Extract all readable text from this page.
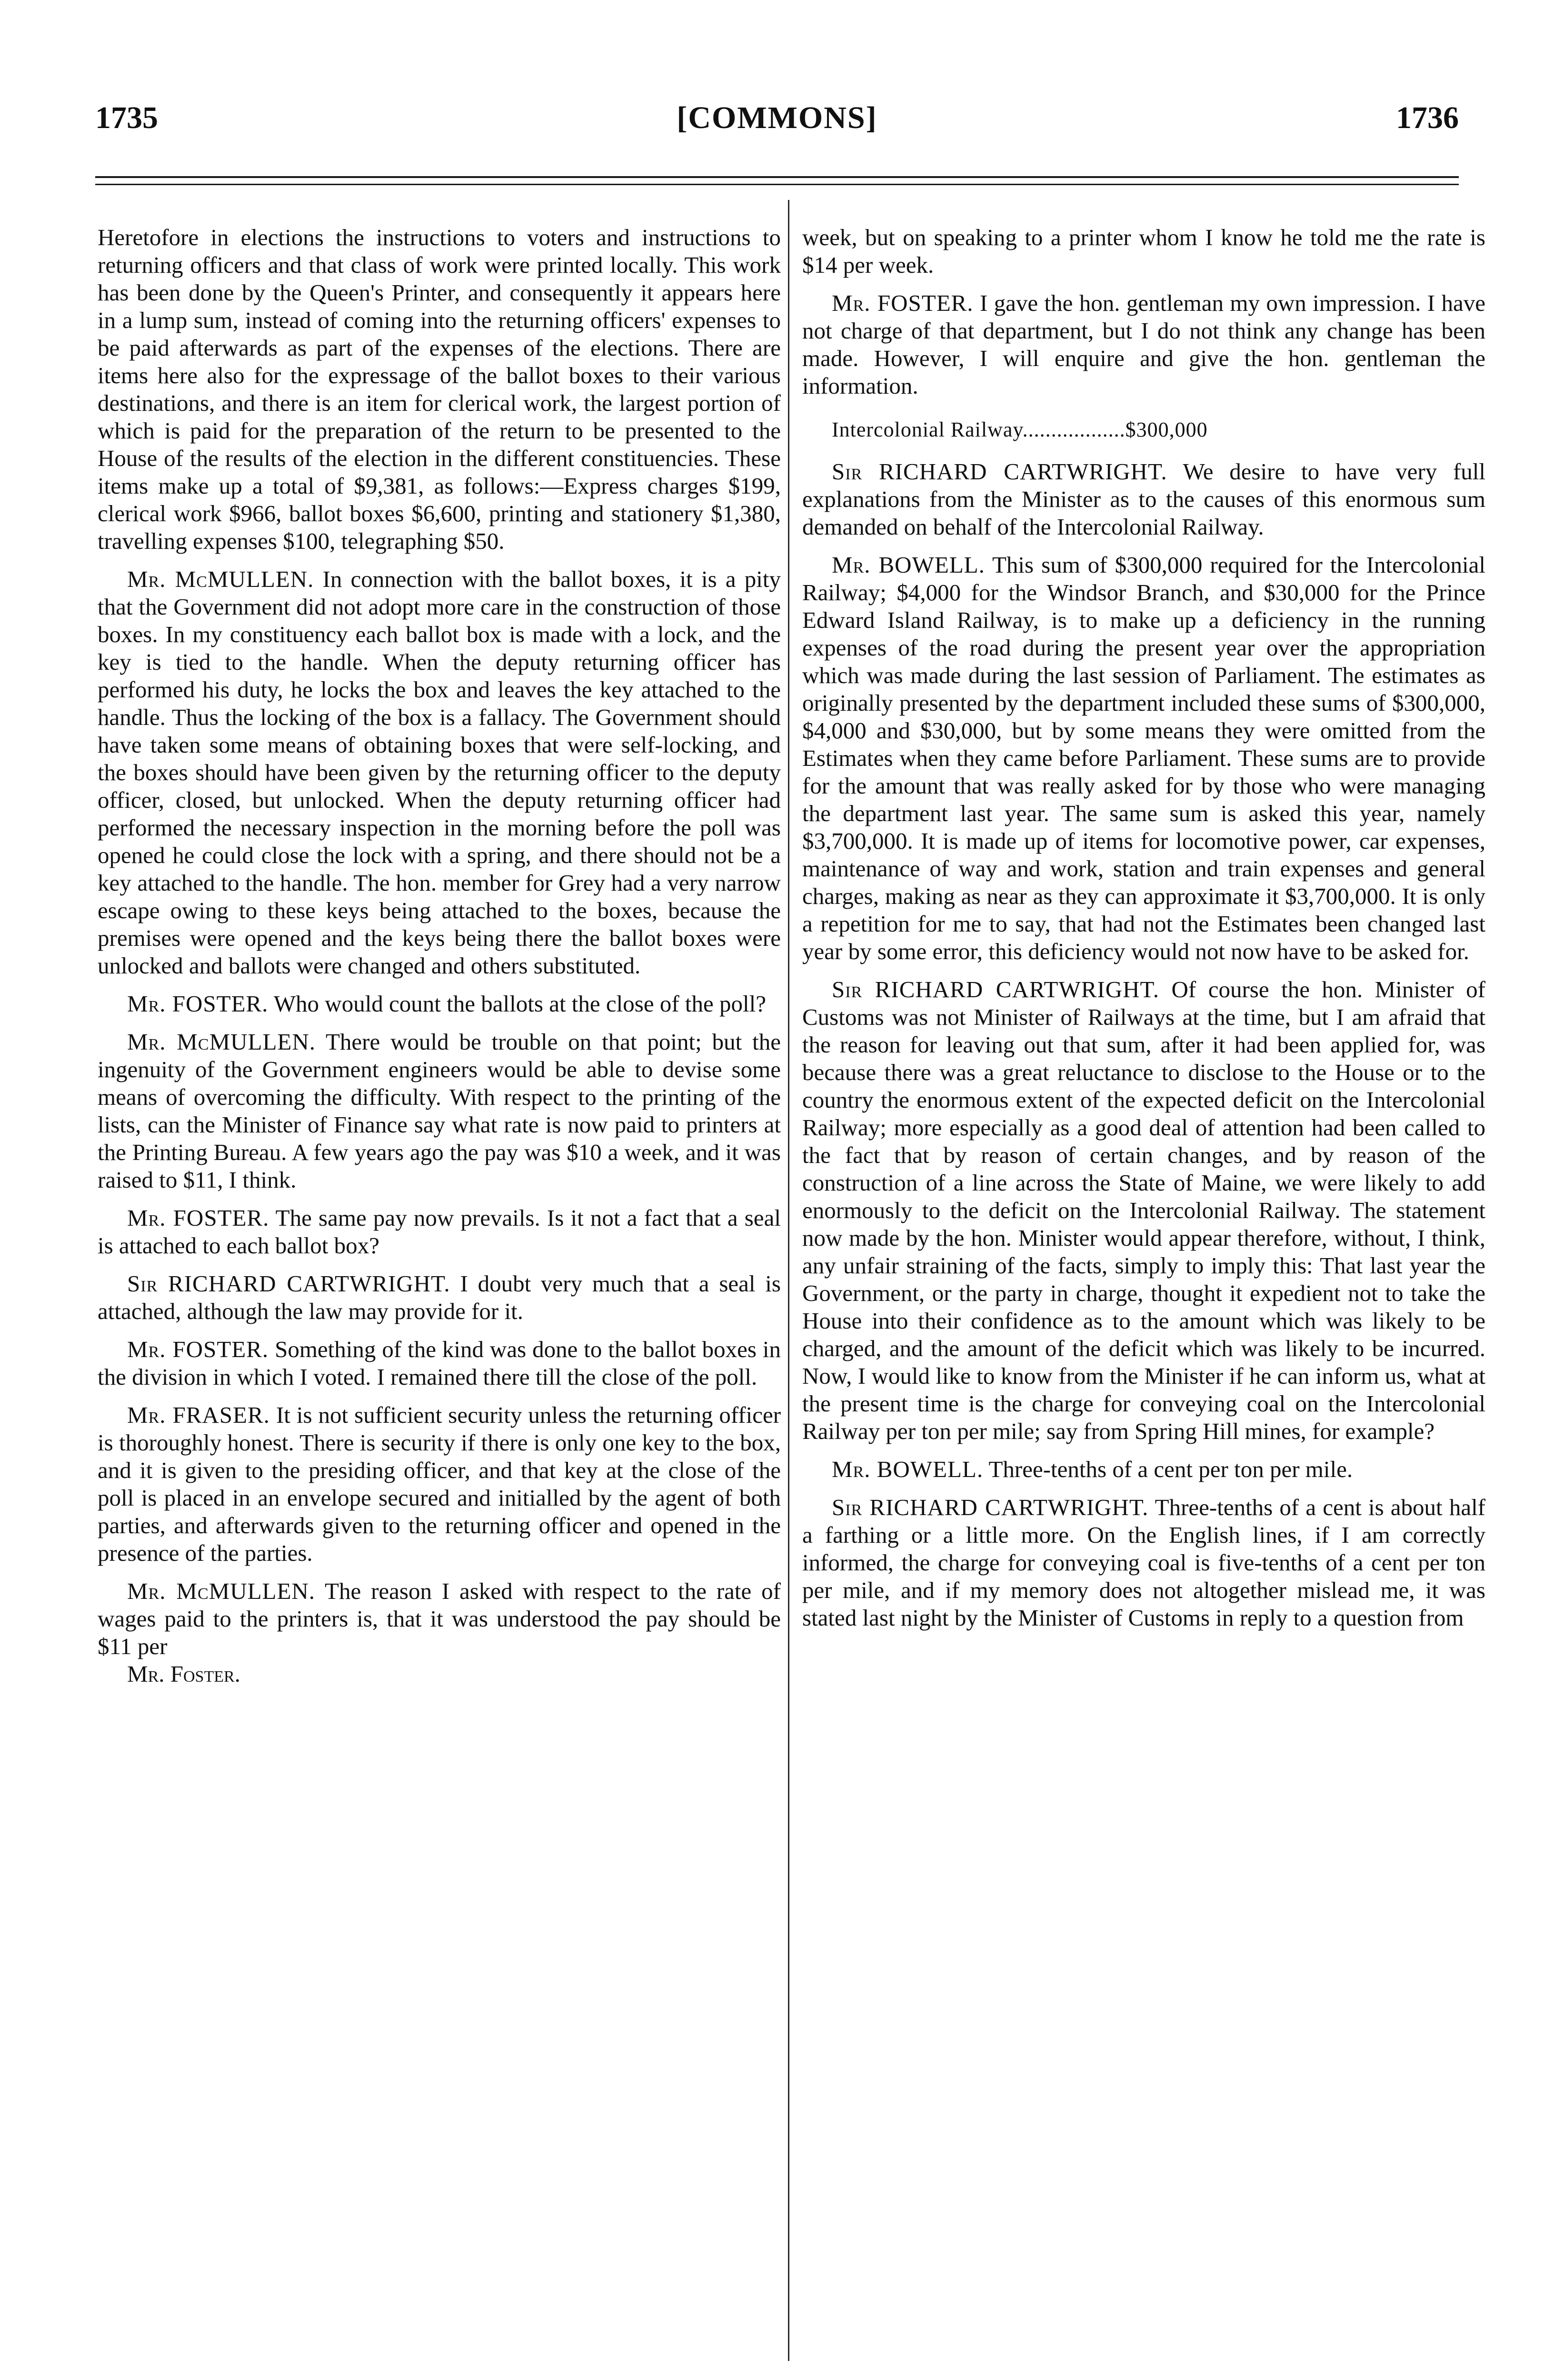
1735	[COMMONS]	1736

Heretofore in elections the instructions to voters and instructions to returning officers and that class of work were printed locally. This work has been done by the Queen's Printer, and consequently it appears here in a lump sum, instead of coming into the returning officers' expenses to be paid afterwards as part of the expenses of the elections. There are items here also for the expressage of the ballot boxes to their various destinations, and there is an item for clerical work, the largest portion of which is paid for the preparation of the return to be presented to the House of the results of the election in the different constituencies. These items make up a total of $9,381, as follows:—Express charges $199, clerical work $966, ballot boxes $6,600, printing and stationery $1,380, travelling expenses $100, telegraphing $50.

Mr. McMULLEN. In connection with the ballot boxes, it is a pity that the Government did not adopt more care in the construction of those boxes. In my constituency each ballot box is made with a lock, and the key is tied to the handle. When the deputy returning officer has performed his duty, he locks the box and leaves the key attached to the handle. Thus the locking of the box is a fallacy. The Government should have taken some means of obtaining boxes that were self-locking, and the boxes should have been given by the returning officer to the deputy officer, closed, but unlocked. When the deputy returning officer had performed the necessary inspection in the morning before the poll was opened he could close the lock with a spring, and there should not be a key attached to the handle. The hon. member for Grey had a very narrow escape owing to these keys being attached to the boxes, because the premises were opened and the keys being there the ballot boxes were unlocked and ballots were changed and others substituted.

Mr. FOSTER. Who would count the ballots at the close of the poll?

Mr. McMULLEN. There would be trouble on that point; but the ingenuity of the Government engineers would be able to devise some means of overcoming the difficulty. With respect to the printing of the lists, can the Minister of Finance say what rate is now paid to printers at the Printing Bureau. A few years ago the pay was $10 a week, and it was raised to $11, I think.

Mr. FOSTER. The same pay now prevails. Is it not a fact that a seal is attached to each ballot box?

Sir RICHARD CARTWRIGHT. I doubt very much that a seal is attached, although the law may provide for it.

Mr. FOSTER. Something of the kind was done to the ballot boxes in the division in which I voted. I remained there till the close of the poll.

Mr. FRASER. It is not sufficient security unless the returning officer is thoroughly honest. There is security if there is only one key to the box, and it is given to the presiding officer, and that key at the close of the poll is placed in an envelope secured and initialled by the agent of both parties, and afterwards given to the returning officer and opened in the presence of the parties.

Mr. McMULLEN. The reason I asked with respect to the rate of wages paid to the printers is, that it was understood the pay should be $11 per

Mr. Foster.

week, but on speaking to a printer whom I know he told me the rate is $14 per week.

Mr. FOSTER. I gave the hon. gentleman my own impression. I have not charge of that department, but I do not think any change has been made. However, I will enquire and give the hon. gentleman the information.

Intercolonial Railway..................$300,000

Sir RICHARD CARTWRIGHT. We desire to have very full explanations from the Minister as to the causes of this enormous sum demanded on behalf of the Intercolonial Railway.

Mr. BOWELL. This sum of $300,000 required for the Intercolonial Railway; $4,000 for the Windsor Branch, and $30,000 for the Prince Edward Island Railway, is to make up a deficiency in the running expenses of the road during the present year over the appropriation which was made during the last session of Parliament. The estimates as originally presented by the department included these sums of $300,000, $4,000 and $30,000, but by some means they were omitted from the Estimates when they came before Parliament. These sums are to provide for the amount that was really asked for by those who were managing the department last year. The same sum is asked this year, namely $3,700,000. It is made up of items for locomotive power, car expenses, maintenance of way and work, station and train expenses and general charges, making as near as they can approximate it $3,700,000. It is only a repetition for me to say, that had not the Estimates been changed last year by some error, this deficiency would not now have to be asked for.

Sir RICHARD CARTWRIGHT. Of course the hon. Minister of Customs was not Minister of Railways at the time, but I am afraid that the reason for leaving out that sum, after it had been applied for, was because there was a great reluctance to disclose to the House or to the country the enormous extent of the expected deficit on the Intercolonial Railway; more especially as a good deal of attention had been called to the fact that by reason of certain changes, and by reason of the construction of a line across the State of Maine, we were likely to add enormously to the deficit on the Intercolonial Railway. The statement now made by the hon. Minister would appear therefore, without, I think, any unfair straining of the facts, simply to imply this: That last year the Government, or the party in charge, thought it expedient not to take the House into their confidence as to the amount which was likely to be charged, and the amount of the deficit which was likely to be incurred. Now, I would like to know from the Minister if he can inform us, what at the present time is the charge for conveying coal on the Intercolonial Railway per ton per mile; say from Spring Hill mines, for example?

Mr. BOWELL. Three-tenths of a cent per ton per mile.

Sir RICHARD CARTWRIGHT. Three-tenths of a cent is about half a farthing or a little more. On the English lines, if I am correctly informed, the charge for conveying coal is five-tenths of a cent per ton per mile, and if my memory does not altogether mislead me, it was stated last night by the Minister of Customs in reply to a question from
